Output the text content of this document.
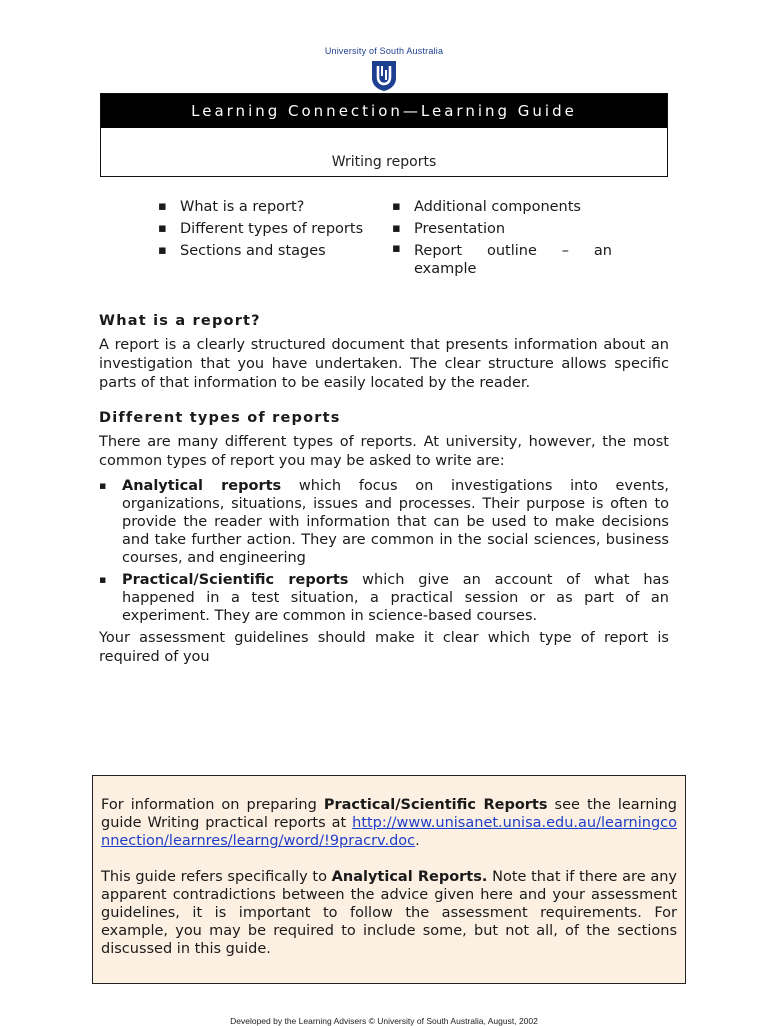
University of South Australia
Learning Connection—Learning Guide
Writing reports
▪ What is a report?
▪ Different types of reports
▪ Sections and stages
▪ Additional components
▪ Presentation
▪ Report outline – an example
What is a report?

A report is a clearly structured document that presents information about an investigation that you have undertaken. The clear structure allows specific parts of that information to be easily located by the reader.

Different types of reports

There are many different types of reports. At university, however, the most common types of report you may be asked to write are:

▪ Analytical reports which focus on investigations into events, organizations, situations, issues and processes. Their purpose is often to provide the reader with information that can be used to make decisions and take further action. They are common in the social sciences, business courses, and engineering
▪ Practical/Scientific reports which give an account of what has happened in a test situation, a practical session or as part of an experiment. They are common in science-based courses.

Your assessment guidelines should make it clear which type of report is required of you

For information on preparing Practical/Scientific Reports see the learning guide Writing practical reports at http://www.unisanet.unisa.edu.au/learningconnection/learnres/learng/word/!9pracrv.doc.

This guide refers specifically to Analytical Reports. Note that if there are any apparent contradictions between the advice given here and your assessment guidelines, it is important to follow the assessment requirements. For example, you may be required to include some, but not all, of the sections discussed in this guide.

Developed by the Learning Advisers © University of South Australia, August, 2002
